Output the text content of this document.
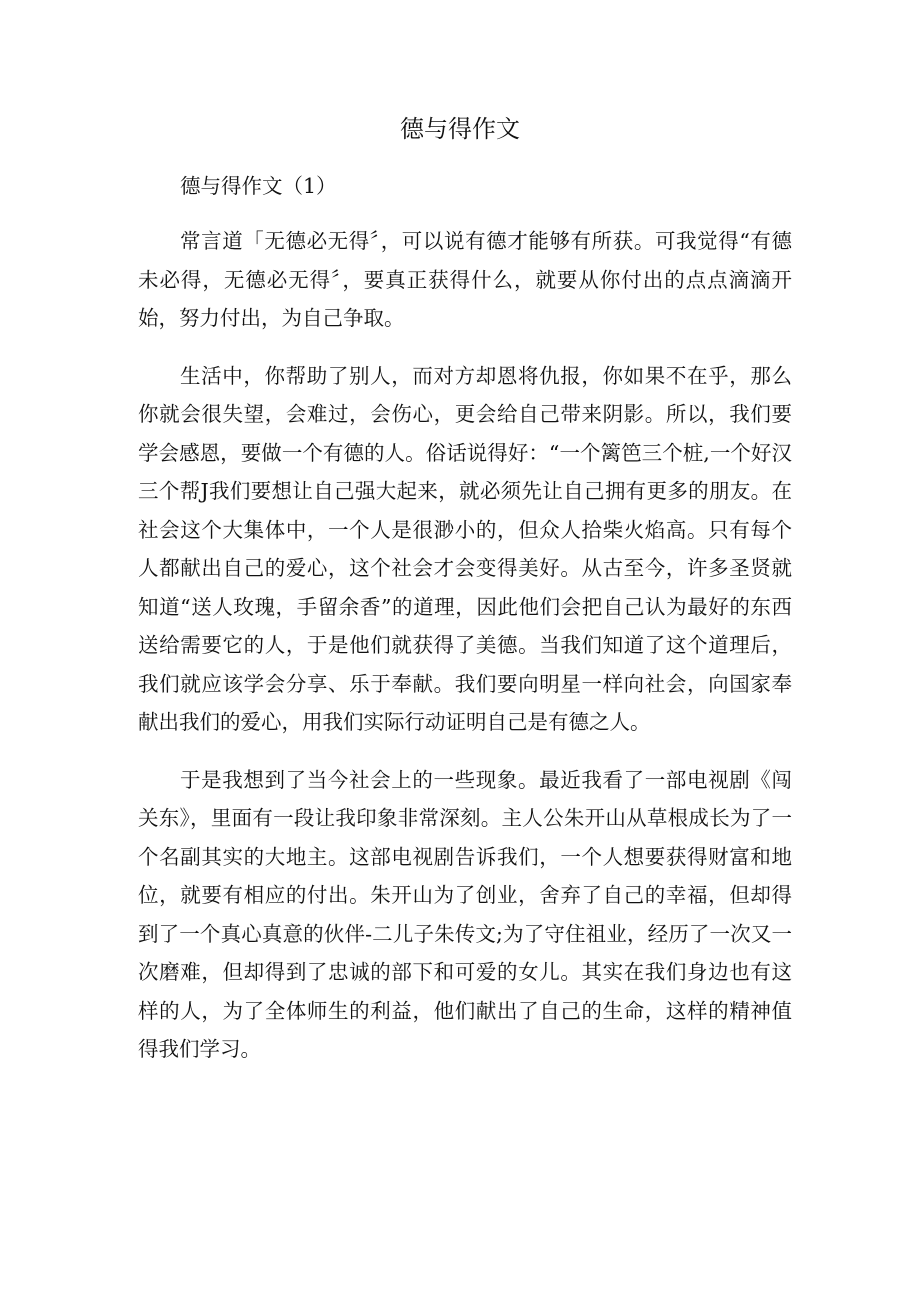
德与得作文
德与得作文（1）

常言道「无德必无得〞，可以说有德才能够有所获。可我觉得“有德未必得，无德必无得〞，要真正获得什么，就要从你付出的点点滴滴开始，努力付出，为自己争取。

生活中，你帮助了别人，而对方却恩将仇报，你如果不在乎，那么你就会很失望，会难过，会伤心，更会给自己带来阴影。所以，我们要学会感恩，要做一个有德的人。俗话说得好：“一个篱笆三个桩,一个好汉三个帮J我们要想让自己强大起来，就必须先让自己拥有更多的朋友。在社会这个大集体中，一个人是很渺小的，但众人拾柴火焰高。只有每个人都献出自己的爱心，这个社会才会变得美好。从古至今，许多圣贤就知道“送人玫瑰，手留余香”的道理，因此他们会把自己认为最好的东西送给需要它的人，于是他们就获得了美德。当我们知道了这个道理后，我们就应该学会分享、乐于奉献。我们要向明星一样向社会，向国家奉献出我们的爱心，用我们实际行动证明自己是有德之人。

于是我想到了当今社会上的一些现象。最近我看了一部电视剧《闯关东》，里面有一段让我印象非常深刻。主人公朱开山从草根成长为了一个名副其实的大地主。这部电视剧告诉我们，一个人想要获得财富和地位，就要有相应的付出。朱开山为了创业，舍弃了自己的幸福，但却得到了一个真心真意的伙伴-二儿子朱传文;为了守住祖业，经历了一次又一次磨难，但却得到了忠诚的部下和可爱的女儿。其实在我们身边也有这样的人，为了全体师生的利益，他们献出了自己的生命，这样的精神值得我们学习。
